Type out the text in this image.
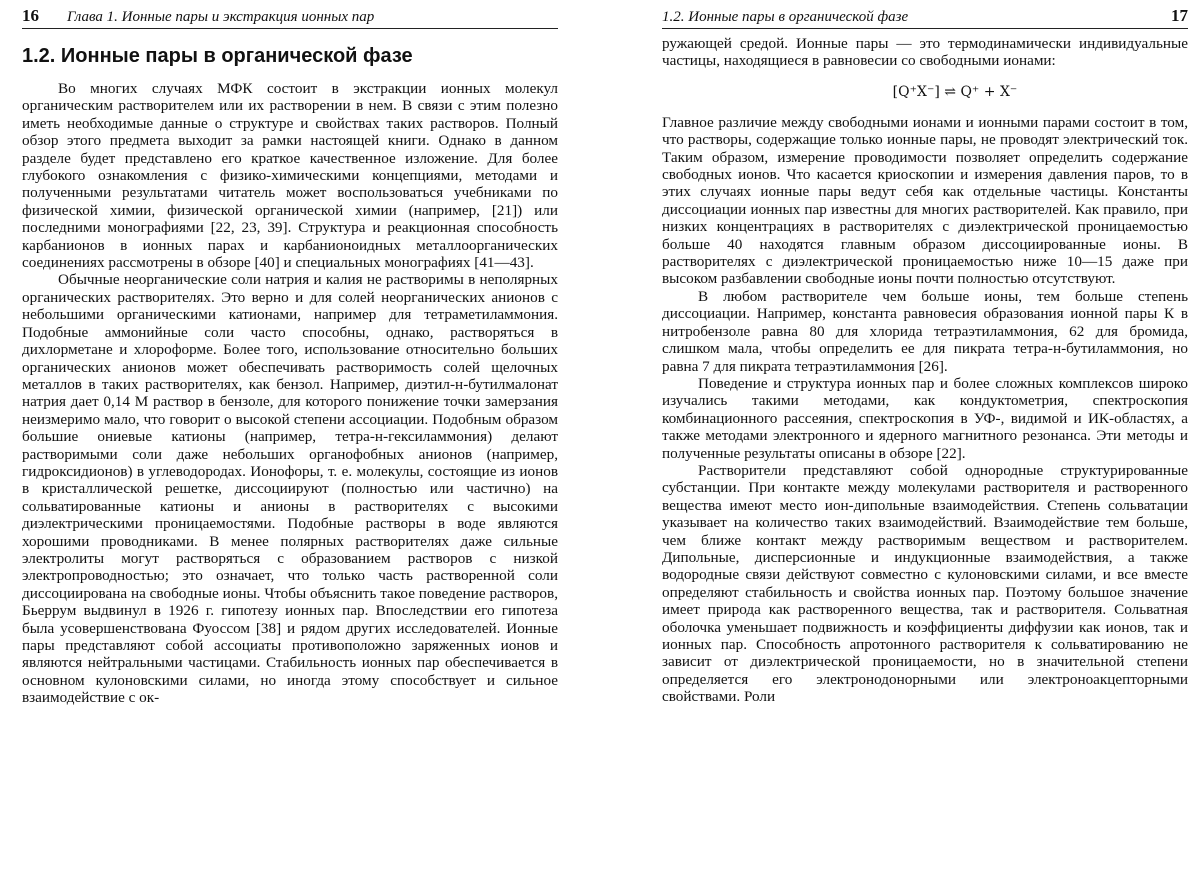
16 Глава 1. Ионные пары и экстракция ионных пар
1.2. Ионные пары в органической фазе

Во многих случаях МФК состоит в экстракции ионных молекул органическим растворителем или их растворении в нем. В связи с этим полезно иметь необходимые данные о структуре и свойствах таких растворов. Полный обзор этого предмета выходит за рамки настоящей книги. Однако в данном разделе будет представлено его краткое качественное изложение. Для более глубокого ознакомления с физико-химическими концепциями, методами и полученными результатами читатель может воспользоваться учебниками по физической химии, физической органической химии (например, [21]) или последними монографиями [22, 23, 39]. Структура и реакционная способность карбанионов в ионных парах и карбанионоидных металлоорганических соединениях рассмотрены в обзоре [40] и специальных монографиях [41—43].

Обычные неорганические соли натрия и калия не растворимы в неполярных органических растворителях. Это верно и для солей неорганических анионов с небольшими органическими катионами, например для тетраметиламмония. Подобные аммонийные соли часто способны, однако, растворяться в дихлорметане и хлороформе. Более того, использование относительно больших органических анионов может обеспечивать растворимость солей щелочных металлов в таких растворителях, как бензол. Например, диэтил-н-бутилмалонат натрия дает 0,14 М раствор в бензоле, для которого понижение точки замерзания неизмеримо мало, что говорит о высокой степени ассоциации. Подобным образом большие ониевые катионы (например, тетра-н-гексиламмония) делают растворимыми соли даже небольших органофобных анионов (например, гидроксидионов) в углеводородах. Ионофоры, т. е. молекулы, состоящие из ионов в кристаллической решетке, диссоциируют (полностью или частично) на сольватированные катионы и анионы в растворителях с высокими диэлектрическими проницаемостями. Подобные растворы в воде являются хорошими проводниками. В менее полярных растворителях даже сильные электролиты могут растворяться с образованием растворов с низкой электропроводностью; это означает, что только часть растворенной соли диссоциирована на свободные ионы. Чтобы объяснить такое поведение растворов, Бьеррум выдвинул в 1926 г. гипотезу ионных пар. Впоследствии его гипотеза была усовершенствована Фуоссом [38] и рядом других исследователей. Ионные пары представляют собой ассоциаты противоположно заряженных ионов и являются нейтральными частицами. Стабильность ионных пар обеспечивается в основном кулоновскими силами, но иногда этому способствует и сильное взаимодействие с ок-

1.2. Ионные пары в органической фазе	17

ружающей средой. Ионные пары — это термодинамически индивидуальные частицы, находящиеся в равновесии со свободными ионами:

[Q⁺X⁻] ⇌ Q⁺ + X⁻

Главное различие между свободными ионами и ионными парами состоит в том, что растворы, содержащие только ионные пары, не проводят электрический ток. Таким образом, измерение проводимости позволяет определить содержание свободных ионов. Что касается криоскопии и измерения давления паров, то в этих случаях ионные пары ведут себя как отдельные частицы. Константы диссоциации ионных пар известны для многих растворителей. Как правило, при низких концентрациях в растворителях с диэлектрической проницаемостью больше 40 находятся главным образом диссоциированные ионы. В растворителях с диэлектрической проницаемостью ниже 10—15 даже при высоком разбавлении свободные ионы почти полностью отсутствуют.

В любом растворителе чем больше ионы, тем больше степень диссоциации. Например, константа равновесия образования ионной пары К в нитробензоле равна 80 для хлорида тетраэтиламмония, 62 для бромида, слишком мала, чтобы определить ее для пикрата тетра-н-бутиламмония, но равна 7 для пикрата тетраэтиламмония [26].

Поведение и структура ионных пар и более сложных комплексов широко изучались такими методами, как кондуктометрия, спектроскопия комбинационного рассеяния, спектроскопия в УФ-, видимой и ИК-областях, а также методами электронного и ядерного магнитного резонанса. Эти методы и полученные результаты описаны в обзоре [22].

Растворители представляют собой однородные структурированные субстанции. При контакте между молекулами растворителя и растворенного вещества имеют место ион-дипольные взаимодействия. Степень сольватации указывает на количество таких взаимодействий. Взаимодействие тем больше, чем ближе контакт между растворимым веществом и растворителем. Дипольные, дисперсионные и индукционные взаимодействия, а также водородные связи действуют совместно с кулоновскими силами, и все вместе определяют стабильность и свойства ионных пар. Поэтому большое значение имеет природа как растворенного вещества, так и растворителя. Сольватная оболочка уменьшает подвижность и коэффициенты диффузии как ионов, так и ионных пар. Способность апротонного растворителя к сольватированию не зависит от диэлектрической проницаемости, но в значительной степени определяется его электронодонорными или электроноакцепторными свойствами. Роли
